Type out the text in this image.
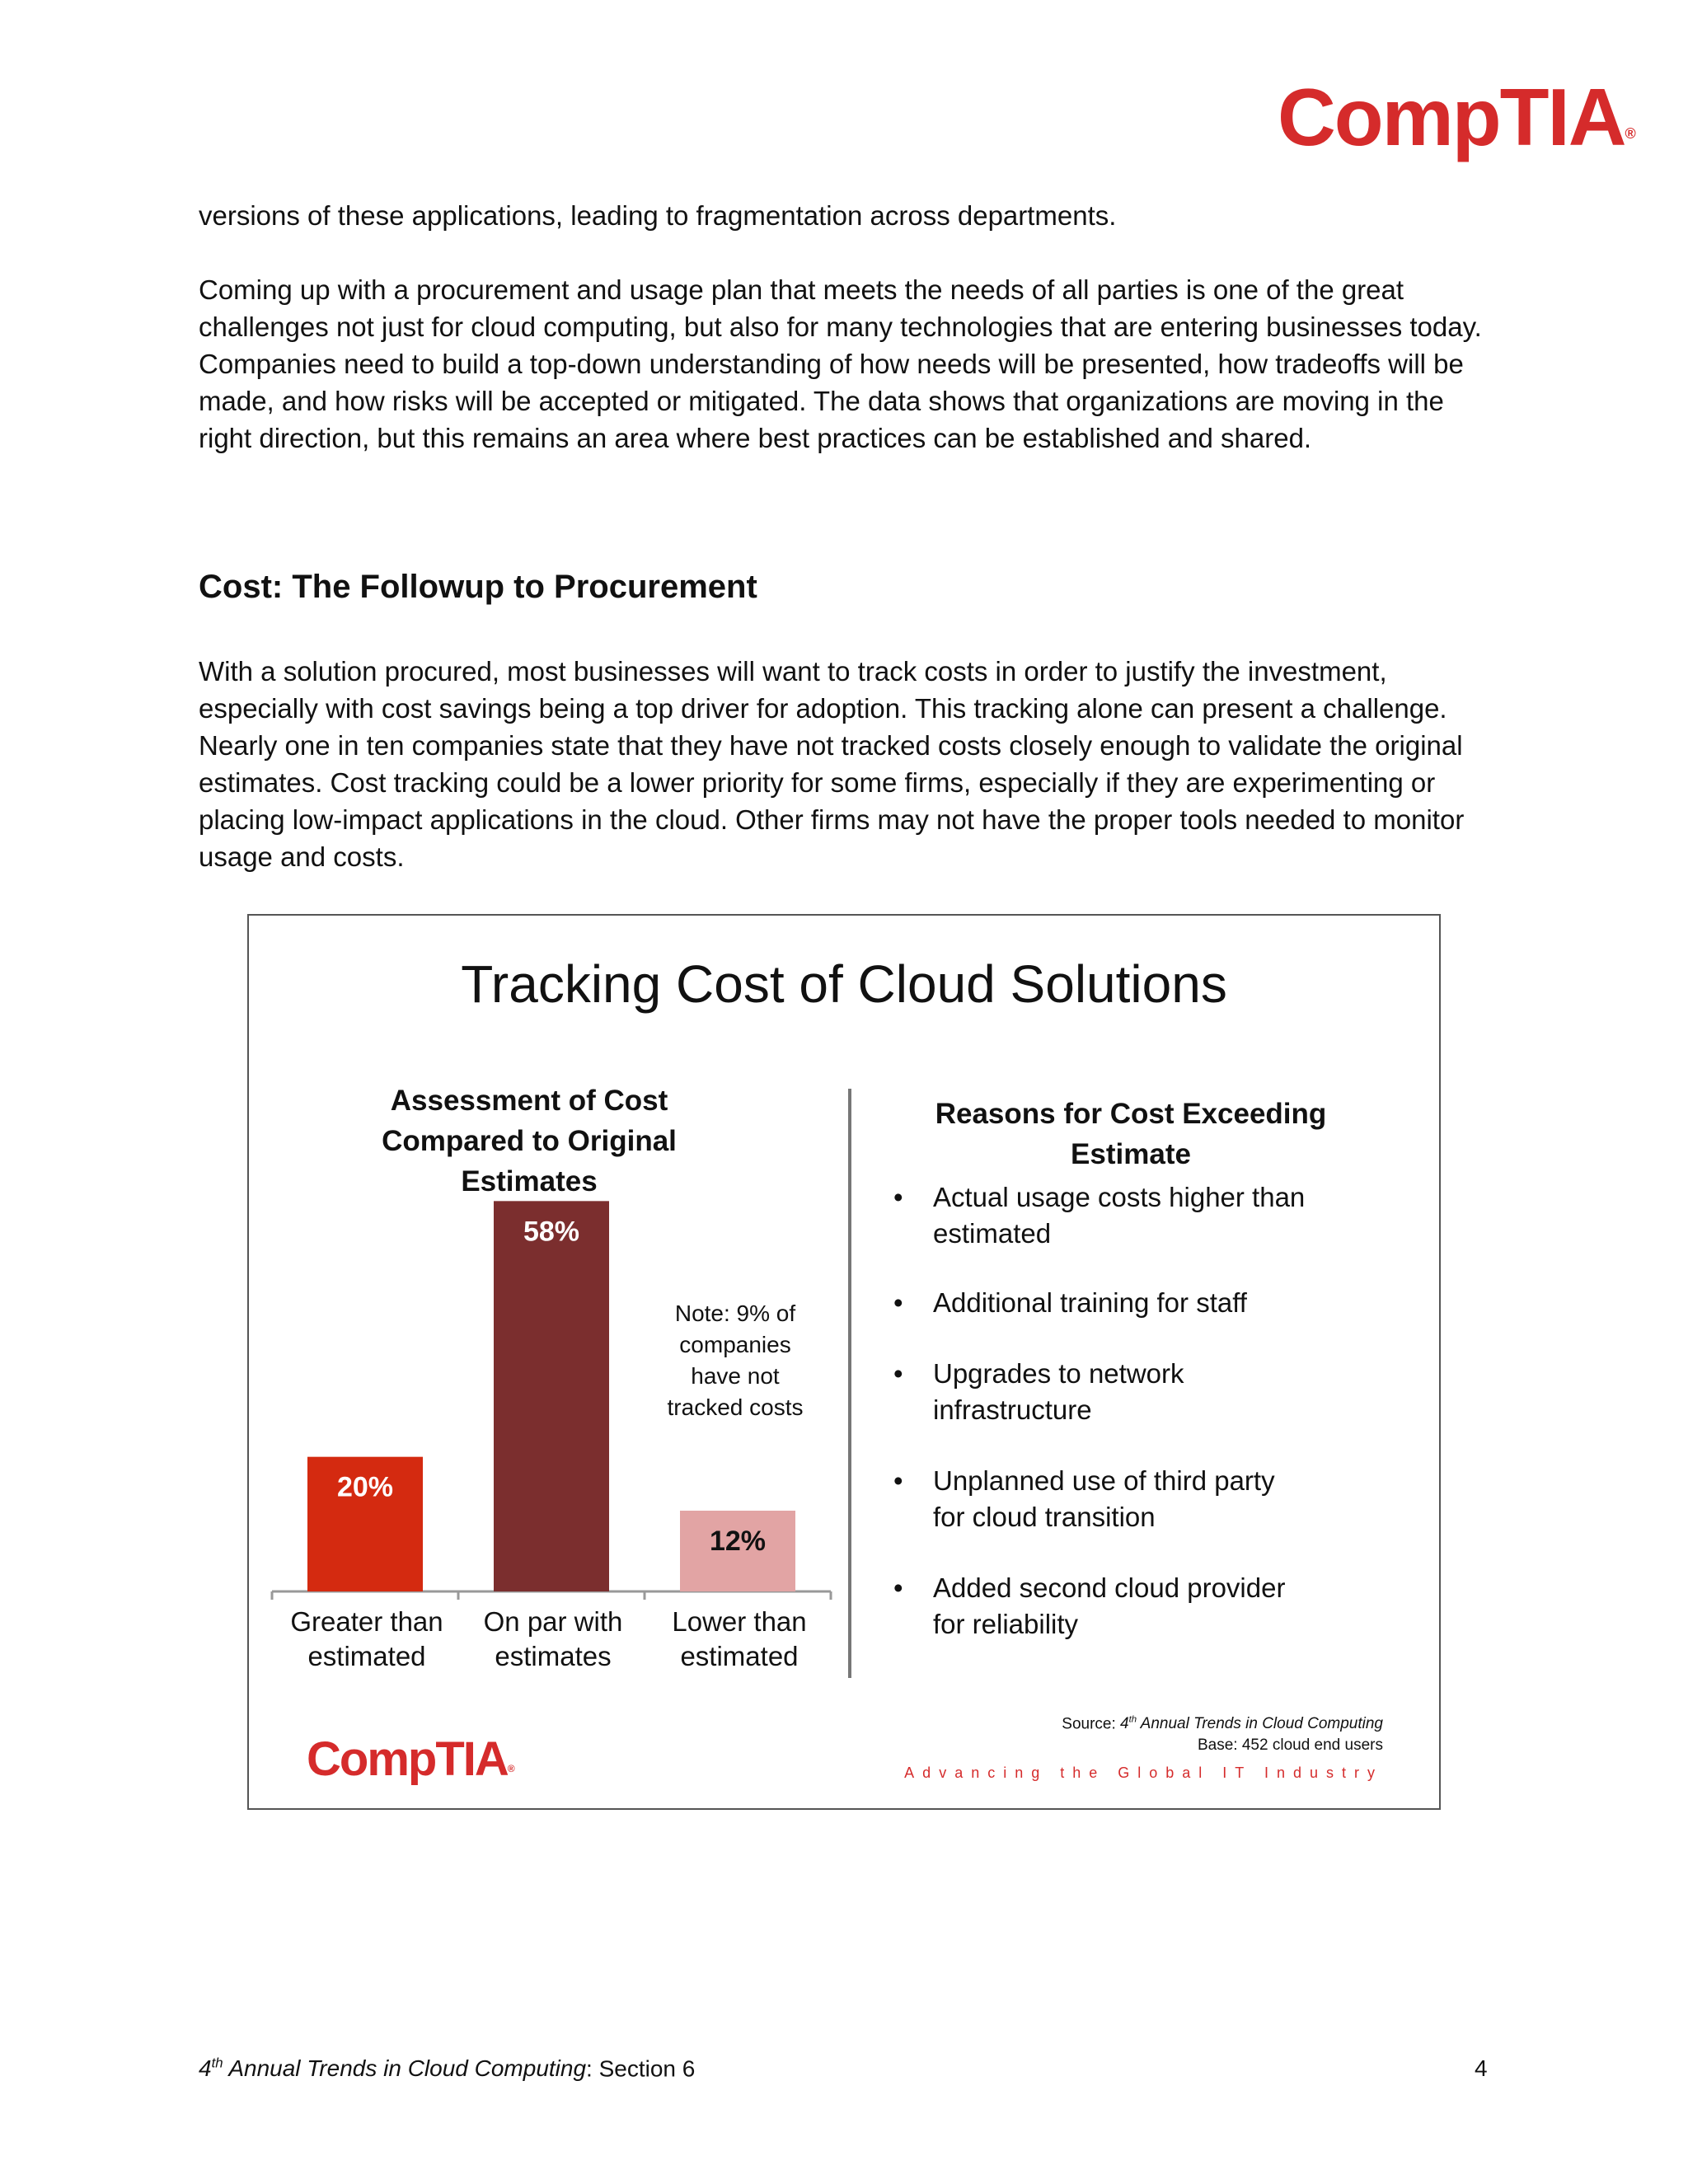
CompTIA®

versions of these applications, leading to fragmentation across departments.

Coming up with a procurement and usage plan that meets the needs of all parties is one of the great challenges not just for cloud computing, but also for many technologies that are entering businesses today. Companies need to build a top-down understanding of how needs will be presented, how tradeoffs will be made, and how risks will be accepted or mitigated. The data shows that organizations are moving in the right direction, but this remains an area where best practices can be established and shared.

Cost: The Followup to Procurement

With a solution procured, most businesses will want to track costs in order to justify the investment, especially with cost savings being a top driver for adoption. This tracking alone can present a challenge. Nearly one in ten companies state that they have not tracked costs closely enough to validate the original estimates. Cost tracking could be a lower priority for some firms, especially if they are experimenting or placing low-impact applications in the cloud. Other firms may not have the proper tools needed to monitor usage and costs.

Tracking Cost of Cloud Solutions
Assessment of Cost Compared to Original Estimates
20%
58%
12%
Note: 9% of
companies
have not
tracked costs
Greater than
estimated
On par with
estimates
Lower than
estimated
Reasons for Cost Exceeding Estimate
• Actual usage costs higher than
estimated
• Additional training for staff
• Upgrades to network
infrastructure
• Unplanned use of third party
for cloud transition
• Added second cloud provider
for reliability
Source: 4th Annual Trends in Cloud Computing
Base: 452 cloud end users
Advancing the Global IT Industry
CompTIA®
4th Annual Trends in Cloud Computing: Section 6	4
